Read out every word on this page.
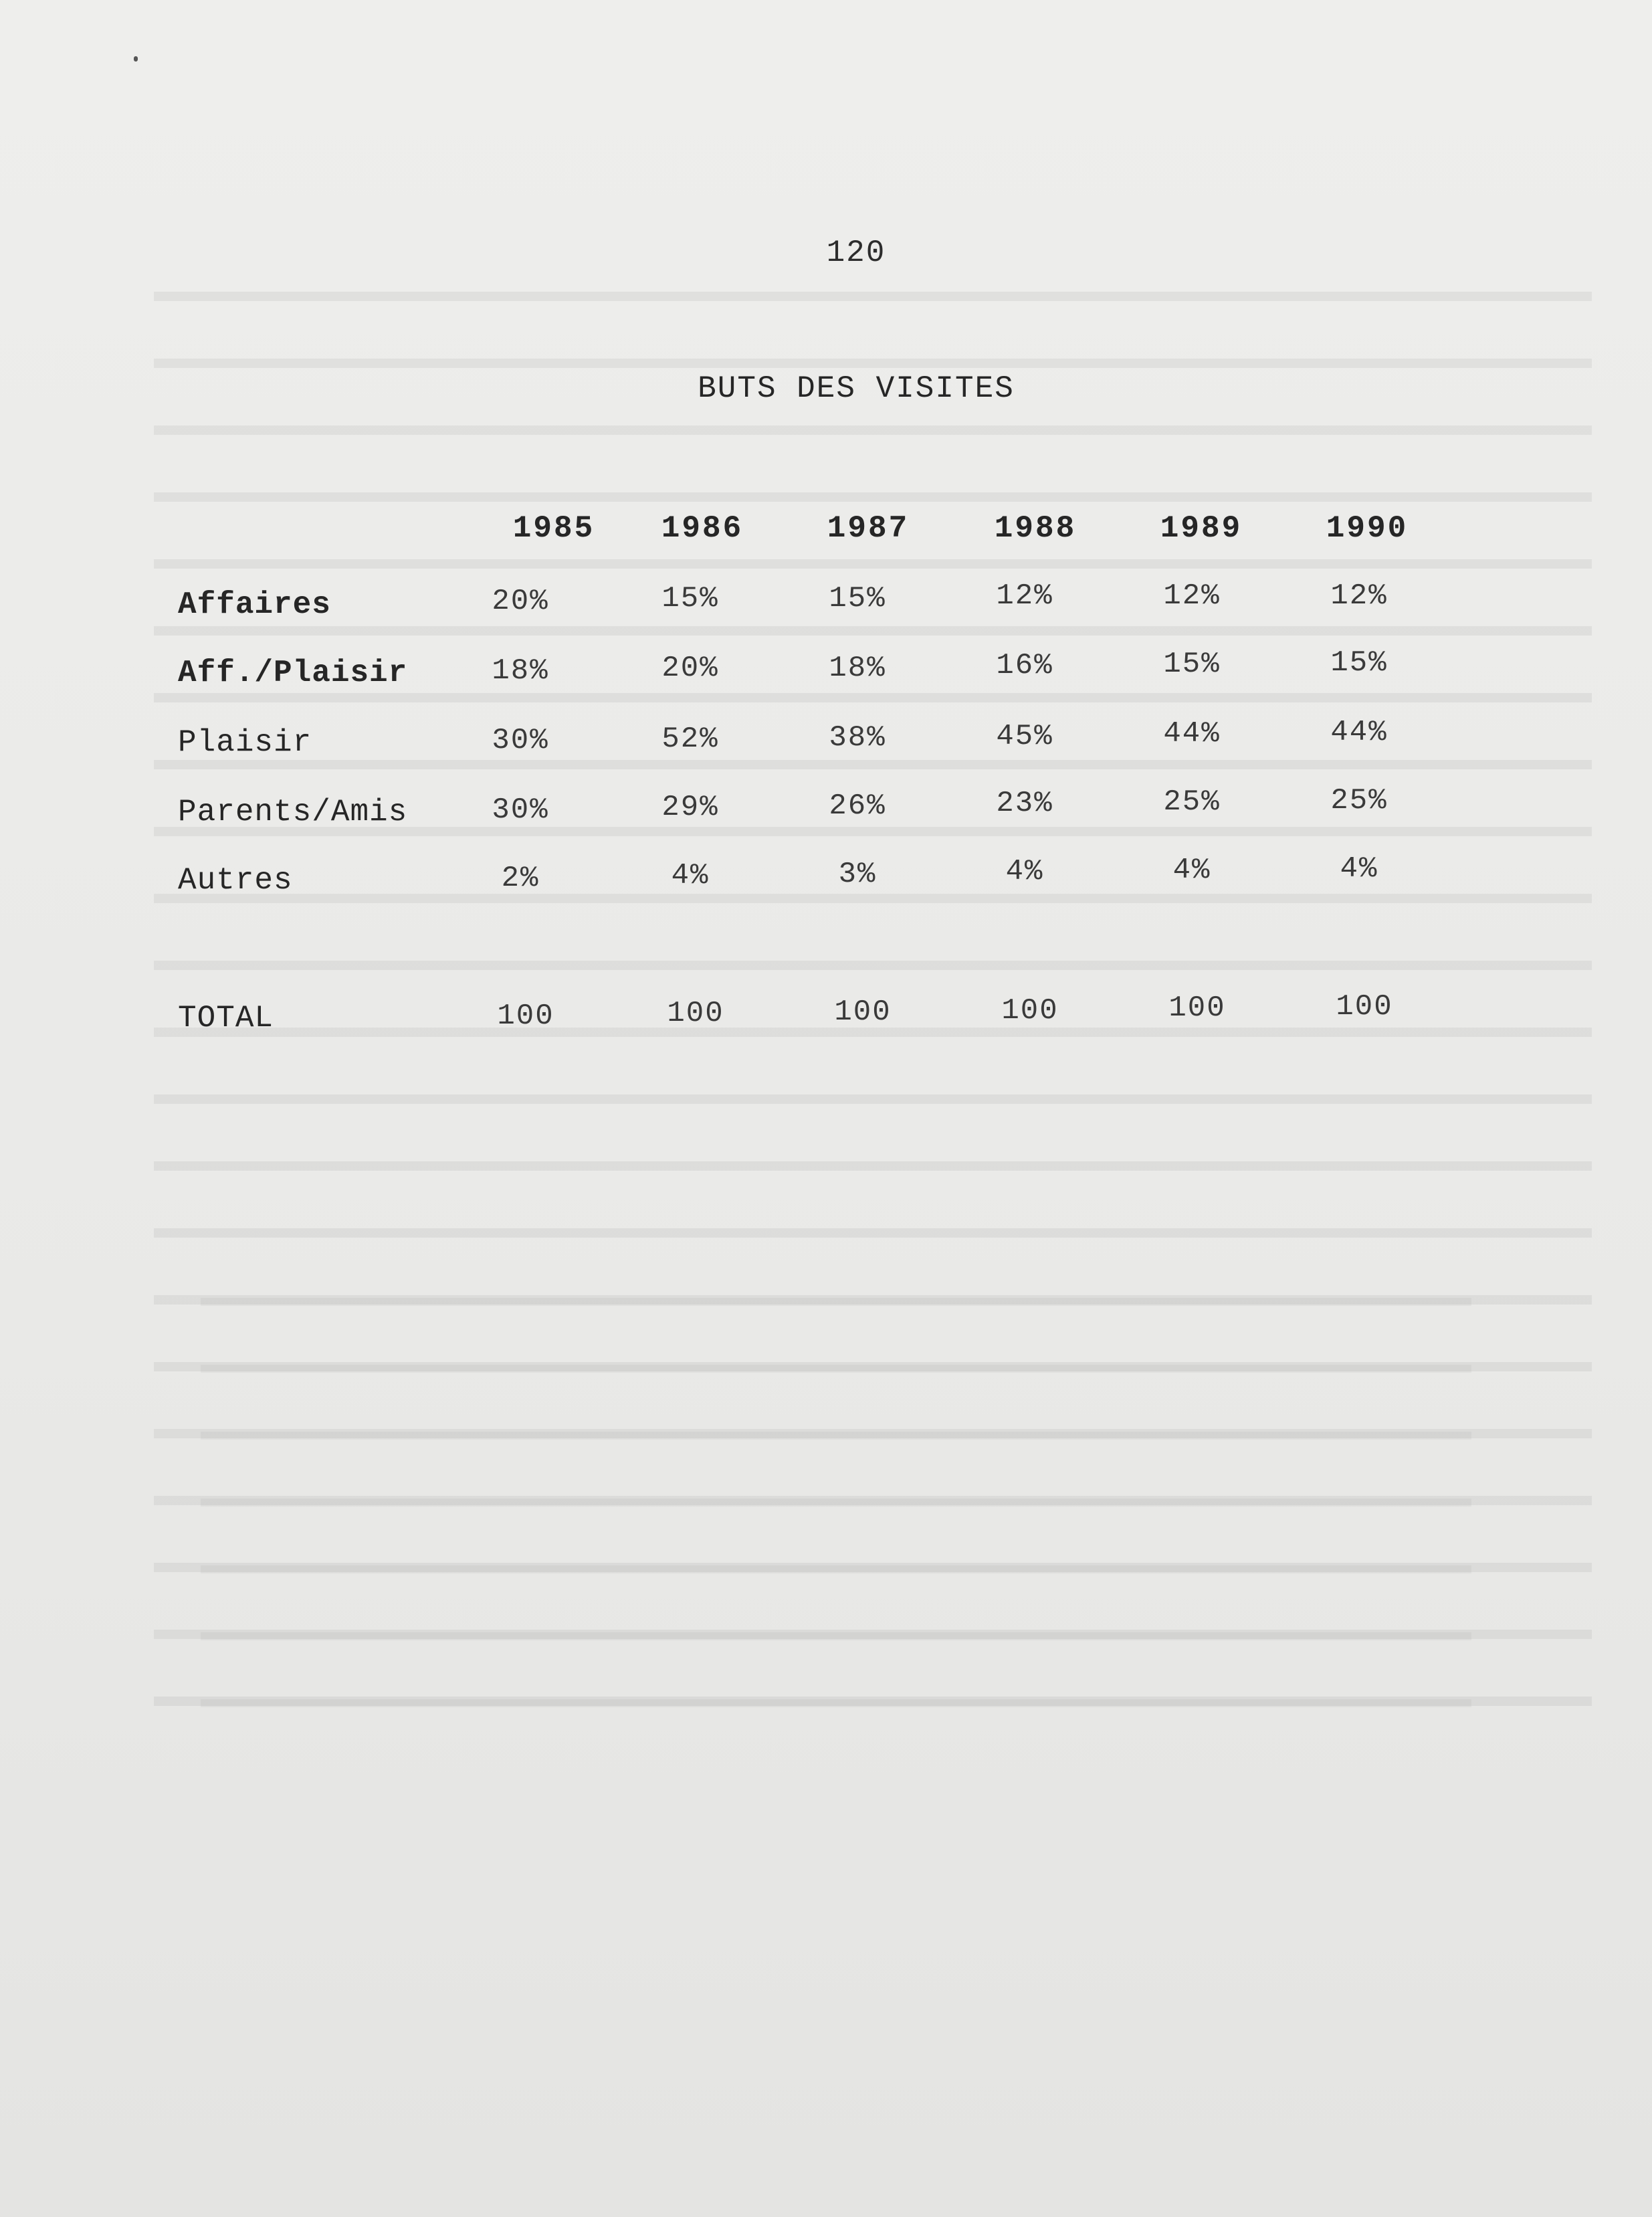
120
BUTS DES VISITES
1985	1986	1987	1988	1989	1990
Affaires	20%	15%	15%	12%	12%	12%
Aff./Plaisir	18%	20%	18%	16%	15%	15%
Plaisir	30%	52%	38%	45%	44%	44%
Parents/Amis	30%	29%	26%	23%	25%	25%
Autres	2%	4%	3%	4%	4%	4%
TOTAL	100	100	100	100	100	100
